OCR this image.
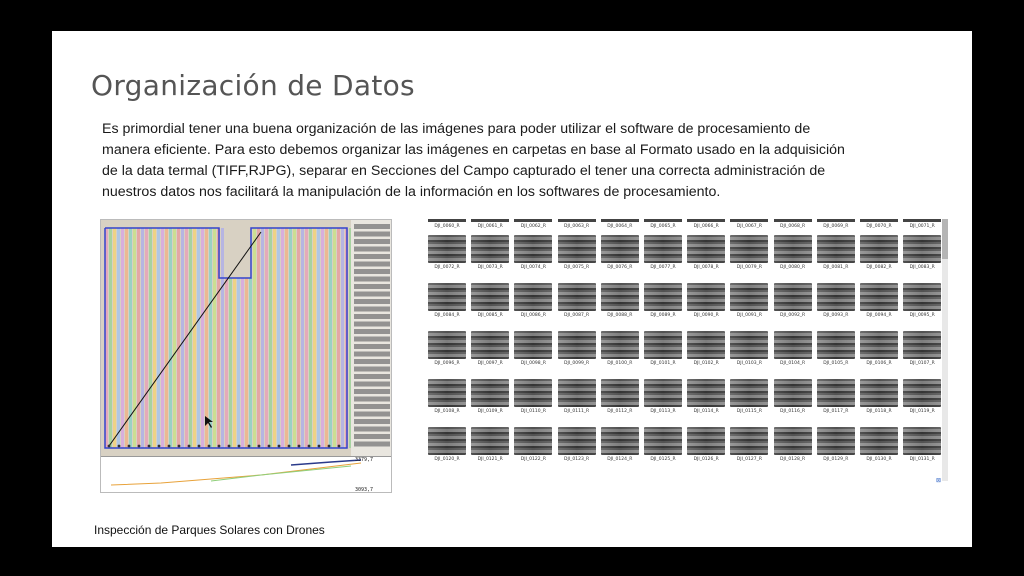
Organización de Datos
Es primordial tener una buena organización de las imágenes para poder utilizar el software de procesamiento de
manera eficiente. Para esto debemos organizar las imágenes en carpetas en base al Formato usado en la adquisición
de la data termal (TIFF,RJPG), separar en Secciones del Campo capturado el tener una correcta administración de
nuestros datos nos facilitará la manipulación de la información en los softwares de procesamiento.
3379,7
3093,7
DJI_0060_R	DJI_0061_R	DJI_0062_R	DJI_0063_R	DJI_0064_R	DJI_0065_R	DJI_0066_R	DJI_0067_R	DJI_0068_R	DJI_0069_R	DJI_0070_R	DJI_0071_R
DJI_0072_R	DJI_0073_R	DJI_0074_R	DJI_0075_R	DJI_0076_R	DJI_0077_R	DJI_0078_R	DJI_0079_R	DJI_0080_R	DJI_0081_R	DJI_0082_R	DJI_0083_R
DJI_0084_R	DJI_0085_R	DJI_0086_R	DJI_0087_R	DJI_0088_R	DJI_0089_R	DJI_0090_R	DJI_0091_R	DJI_0092_R	DJI_0093_R	DJI_0094_R	DJI_0095_R
DJI_0096_R	DJI_0097_R	DJI_0098_R	DJI_0099_R	DJI_0100_R	DJI_0101_R	DJI_0102_R	DJI_0103_R	DJI_0104_R	DJI_0105_R	DJI_0106_R	DJI_0107_R
DJI_0108_R	DJI_0109_R	DJI_0110_R	DJI_0111_R	DJI_0112_R	DJI_0113_R	DJI_0114_R	DJI_0115_R	DJI_0116_R	DJI_0117_R	DJI_0118_R	DJI_0119_R
DJI_0120_R	DJI_0121_R	DJI_0122_R	DJI_0123_R	DJI_0124_R	DJI_0125_R	DJI_0126_R	DJI_0127_R	DJI_0128_R	DJI_0129_R	DJI_0130_R	DJI_0131_R
⊠
Inspección de Parques Solares con Drones
